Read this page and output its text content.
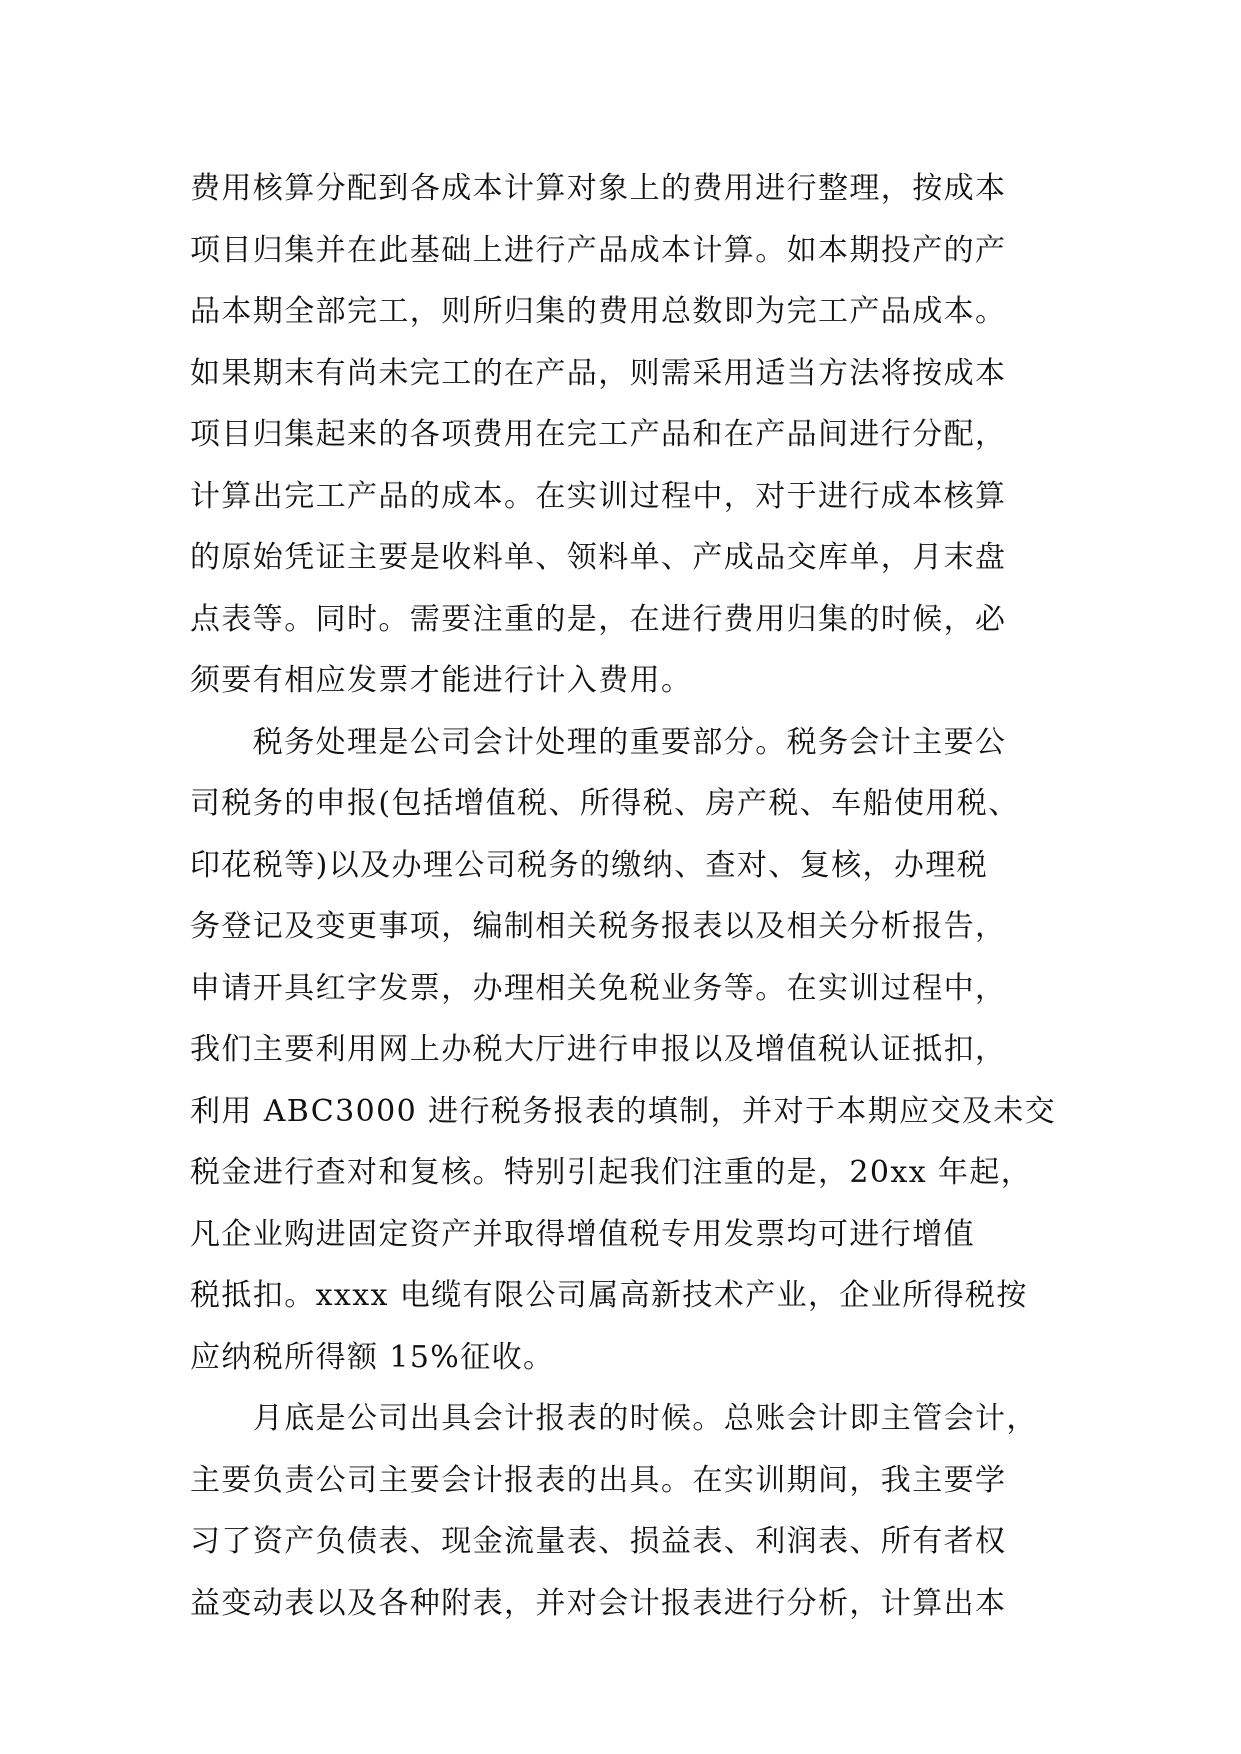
费用核算分配到各成本计算对象上的费用进行整理，按成本
项目归集并在此基础上进行产品成本计算。如本期投产的产
品本期全部完工，则所归集的费用总数即为完工产品成本。
如果期末有尚未完工的在产品，则需采用适当方法将按成本
项目归集起来的各项费用在完工产品和在产品间进行分配，
计算出完工产品的成本。在实训过程中，对于进行成本核算
的原始凭证主要是收料单、领料单、产成品交库单，月末盘
点表等。同时。需要注重的是，在进行费用归集的时候，必
须要有相应发票才能进行计入费用。
　　税务处理是公司会计处理的重要部分。税务会计主要公
司税务的申报(包括增值税、所得税、房产税、车船使用税、
印花税等)以及办理公司税务的缴纳、查对、复核，办理税
务登记及变更事项，编制相关税务报表以及相关分析报告，
申请开具红字发票，办理相关免税业务等。在实训过程中，
我们主要利用网上办税大厅进行申报以及增值税认证抵扣，
利用 ABC3000 进行税务报表的填制，并对于本期应交及未交
税金进行查对和复核。特别引起我们注重的是，20xx 年起，
凡企业购进固定资产并取得增值税专用发票均可进行增值
税抵扣。xxxx 电缆有限公司属高新技术产业，企业所得税按
应纳税所得额 15%征收。
　　月底是公司出具会计报表的时候。总账会计即主管会计，
主要负责公司主要会计报表的出具。在实训期间，我主要学
习了资产负债表、现金流量表、损益表、利润表、所有者权
益变动表以及各种附表，并对会计报表进行分析，计算出本
